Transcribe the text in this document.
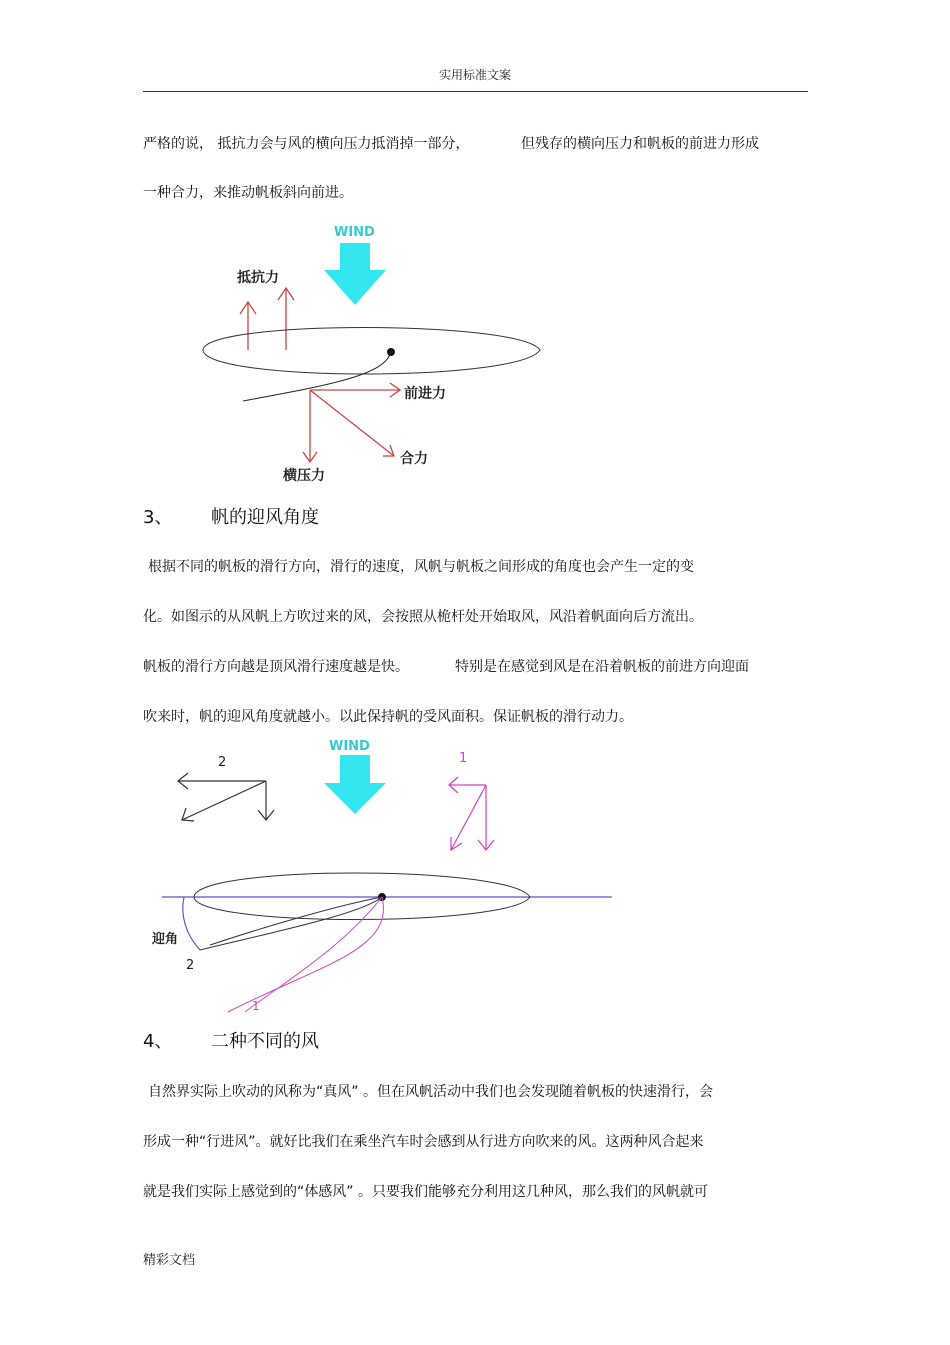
实用标准文案
严格的说， 抵抗力会与风的横向压力抵消掉一部分，	但残存的横向压力和帆板的前进力形成
一种合力，来推动帆板斜向前进。
WIND
抵抗力
前进力
合力
横压力
3、 帆的迎风角度
根据不同的帆板的滑行方向，滑行的速度，风帆与帆板之间形成的角度也会产生一定的变
化。如图示的从风帆上方吹过来的风，会按照从桅杆处开始取风，风沿着帆面向后方流出。
帆板的滑行方向越是顶风滑行速度越是快。	特别是在感觉到风是在沿着帆板的前进方向迎面
吹来时，帆的迎风角度就越小。以此保持帆的受风面积。保证帆板的滑行动力。
WIND
2	1
迎角
2
1
4、 二种不同的风
自然界实际上吹动的风称为“真风” 。但在风帆活动中我们也会发现随着帆板的快速滑行，会
形成一种“行进风”。就好比我们在乘坐汽车时会感到从行进方向吹来的风。这两种风合起来
就是我们实际上感觉到的“体感风” 。只要我们能够充分利用这几种风，那么我们的风帆就可
精彩文档
